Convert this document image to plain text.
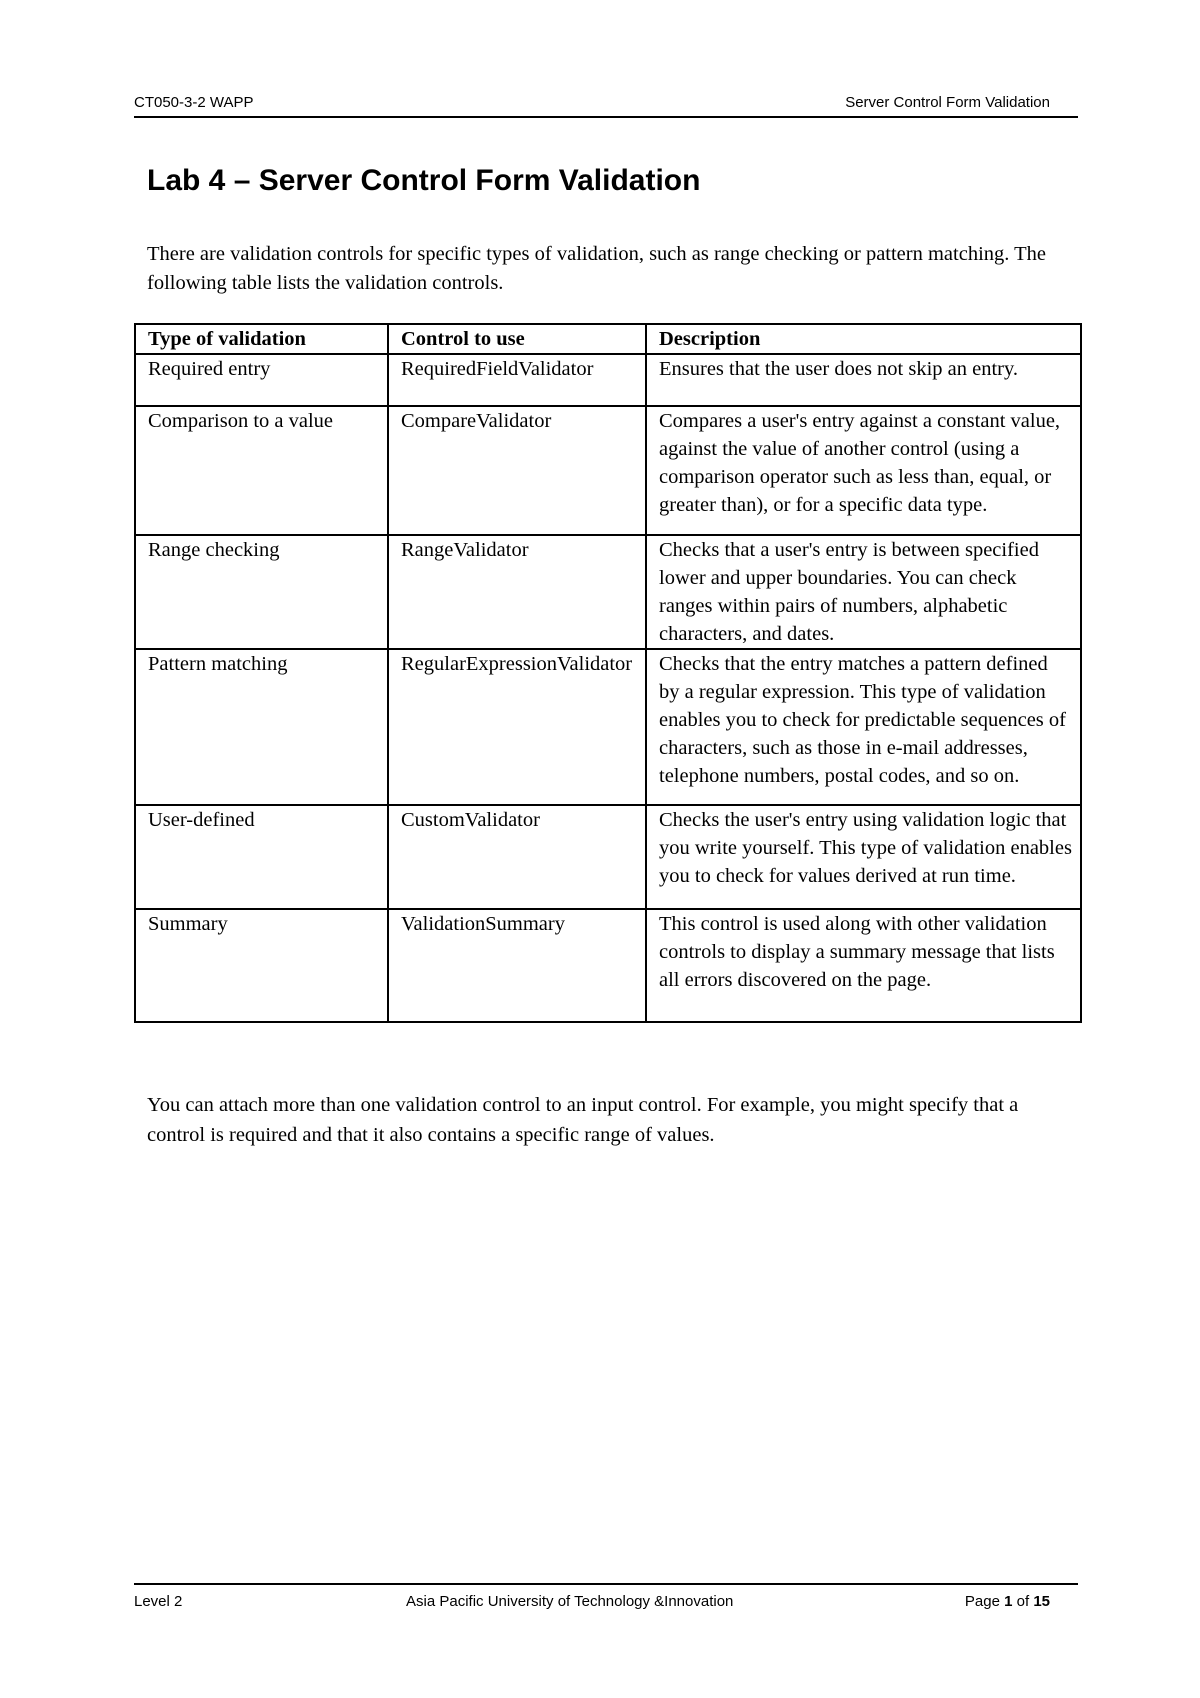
CT050-3-2 WAPP	Server Control Form Validation
Lab 4 – Server Control Form Validation

There are validation controls for specific types of validation, such as range checking or pattern matching. The following table lists the validation controls.

Type of validation	Control to use	Description
Required entry	RequiredFieldValidator	Ensures that the user does not skip an entry.
Comparison to a value	CompareValidator	Compares a user's entry against a constant value, against the value of another control (using a comparison operator such as less than, equal, or greater than), or for a specific data type.
Range checking	RangeValidator	Checks that a user's entry is between specified lower and upper boundaries. You can check ranges within pairs of numbers, alphabetic characters, and dates.
Pattern matching	RegularExpressionValidator	Checks that the entry matches a pattern defined by a regular expression. This type of validation enables you to check for predictable sequences of characters, such as those in e-mail addresses, telephone numbers, postal codes, and so on.
User-defined	CustomValidator	Checks the user's entry using validation logic that you write yourself. This type of validation enables you to check for values derived at run time.
Summary	ValidationSummary	This control is used along with other validation controls to display a summary message that lists all errors discovered on the page.

You can attach more than one validation control to an input control. For example, you might specify that a control is required and that it also contains a specific range of values.

Level 2	Asia Pacific University of Technology &Innovation	Page 1 of 15
